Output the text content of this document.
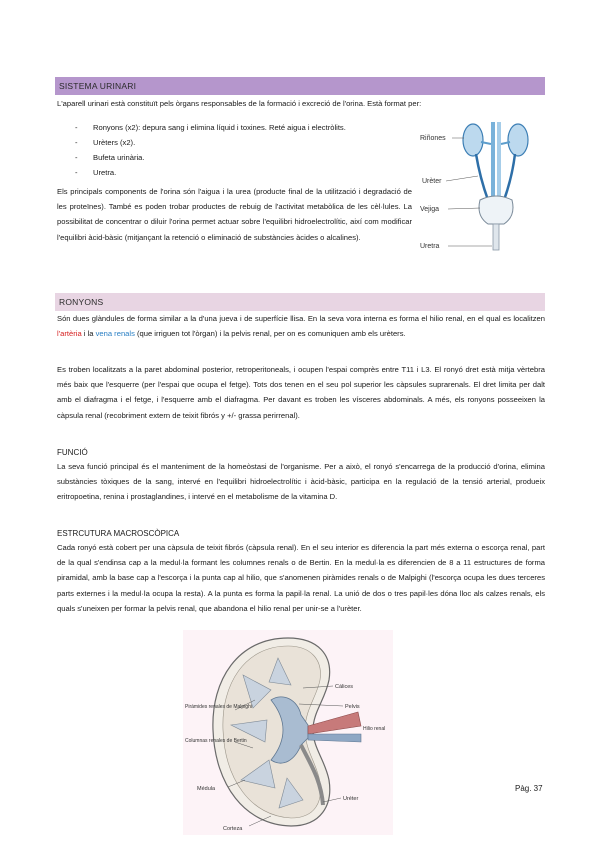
SISTEMA URINARI

L'aparell urinari està constituït pels òrgans responsables de la formació i excreció de l'orina. Està format per:

- Ronyons (x2): depura sang i elimina líquid i toxines. Reté aigua i electròlits.
- Urèters (x2).
- Bufeta urinària.
- Uretra.

Els principals components de l'orina són l'aigua i la urea (producte final de la utilització i degradació de les proteïnes). També es poden trobar productes de rebuig de l'activitat metabòlica de les cèl·lules. La possibilitat de concentrar o diluir l'orina permet actuar sobre l'equilibri hidroelectrolític, així com modificar l'equilibri àcid-bàsic (mitjançant la retenció o eliminació de substàncies àcides o alcalines).

Riñones
Urèter
Vejiga
Uretra
RONYONS

Són dues glàndules de forma similar a la d'una jueva i de superfície llisa. En la seva vora interna es forma el hilio renal, en el qual es localitzen l'artèria i la vena renals (que irriguen tot l'òrgan) i la pelvis renal, per on es comuniquen amb els urèters.

Es troben localitzats a la paret abdominal posterior, retroperitoneals, i ocupen l'espai comprès entre T11 i L3. El ronyó dret està mitja vèrtebra més baix que l'esquerre (per l'espai que ocupa el fetge). Tots dos tenen en el seu pol superior les càpsules suprarenals. El dret limita per dalt amb el diafragma i el fetge, i l'esquerre amb el diafragma. Per davant es troben les vísceres abdominals. A més, els ronyons posseeixen la càpsula renal (recobriment extern de teixit fibrós y +/- grassa perirrenal).

FUNCIÓ

La seva funció principal és el manteniment de la homeòstasi de l'organisme. Per a això, el ronyó s'encarrega de la producció d'orina, elimina substàncies tòxiques de la sang, intervé en l'equilibri hidroelectrolític i àcid-bàsic, participa en la regulació de la tensió arterial, produeix eritropoetina, renina i prostaglandines, i intervé en el metabolisme de la vitamina D.

ESTRCUTURA MACROSCÒPICA

Cada ronyó està cobert per una càpsula de teixit fibrós (càpsula renal). En el seu interior es diferencia la part més externa o escorça renal, part de la qual s'endinsa cap a la medul·la formant les columnes renals o de Bertin. En la medul·la es diferencien de 8 a 11 estructures de forma piramidal, amb la base cap a l'escorça i la punta cap al hilio, que s'anomenen piràmides renals o de Malpighi (l'escorça ocupa les dues terceres parts externes i la medul·la ocupa la resta). A la punta es forma la papil·la renal. La unió de dos o tres papil·les dóna lloc als calzes renals, els quals s'uneixen per formar la pelvis renal, que abandona el hilio renal per unir-se a l'urèter.

Cálices
Pelvis
Pirámides renales de Malpighi
Columnas renales de Bertin
Hilio renal
Médula
Uréter
Corteza
Pàg. 37
